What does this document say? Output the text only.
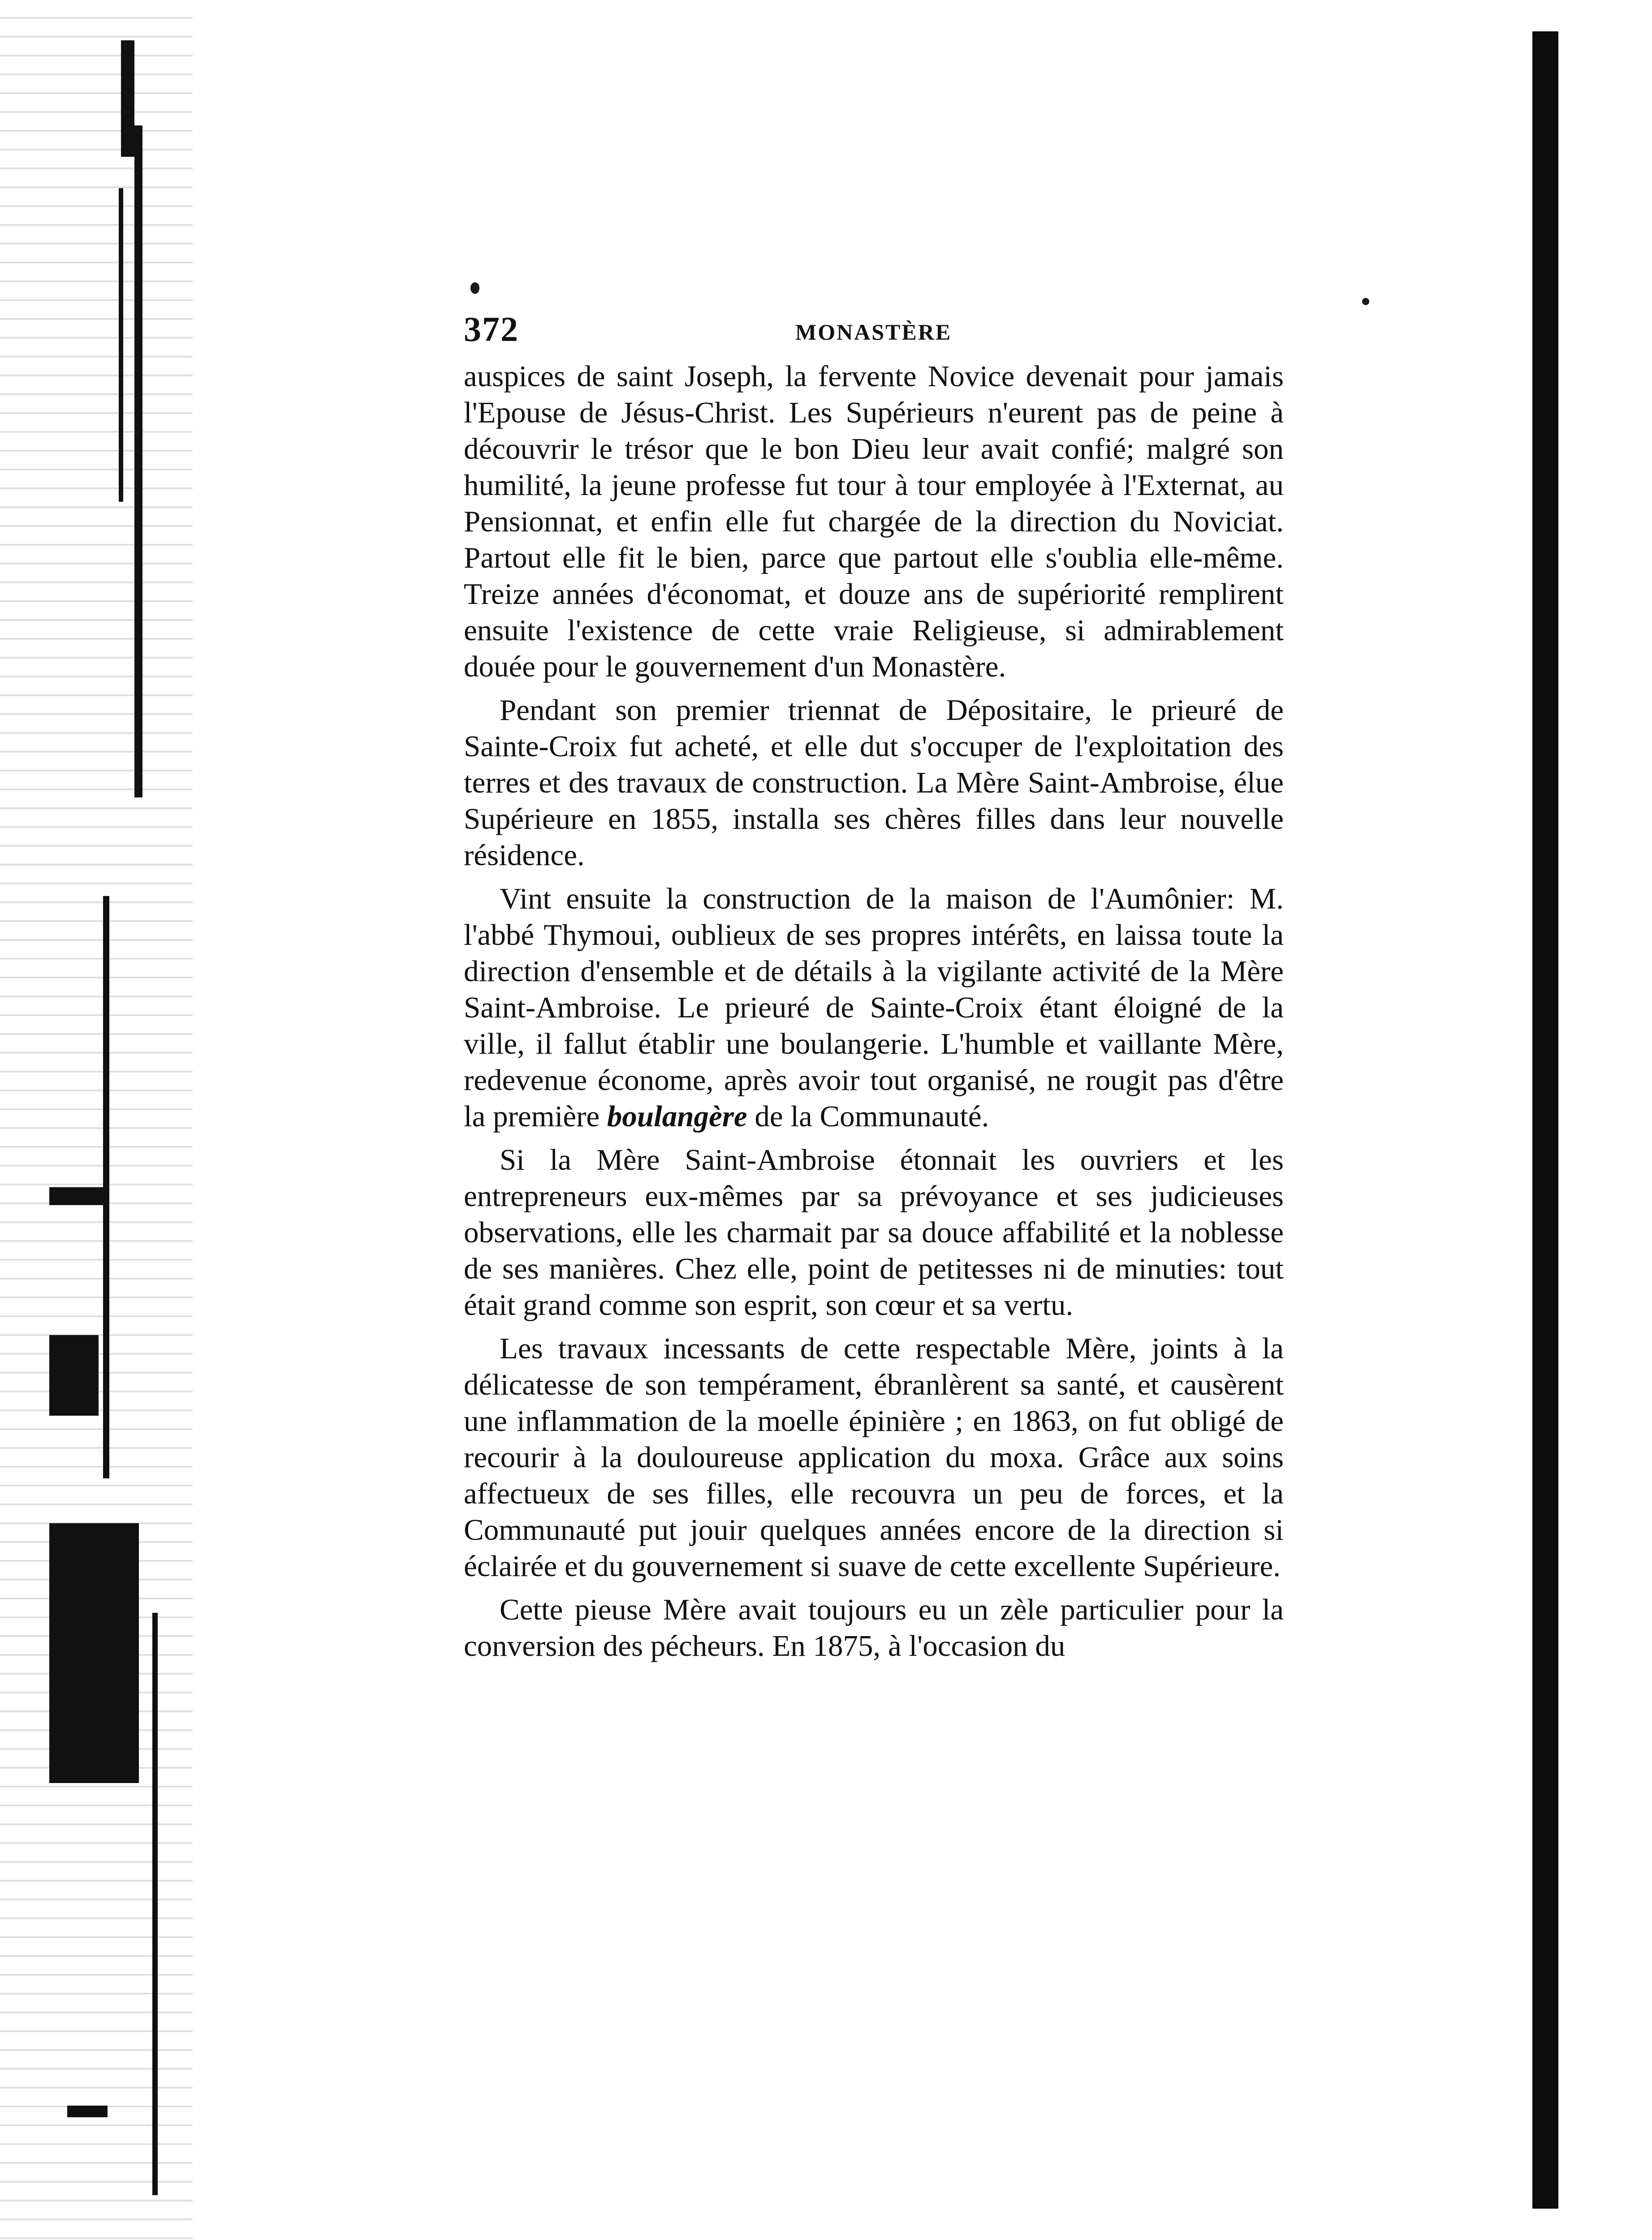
372	MONASTÈRE

auspices de saint Joseph, la fervente Novice devenait pour jamais l'Epouse de Jésus-Christ. Les Supérieurs n'eurent pas de peine à découvrir le trésor que le bon Dieu leur avait confié; malgré son humilité, la jeune professe fut tour à tour employée à l'Externat, au Pensionnat, et enfin elle fut chargée de la direction du Noviciat. Partout elle fit le bien, parce que partout elle s'oublia elle-même. Treize années d'économat, et douze ans de supériorité remplirent ensuite l'existence de cette vraie Religieuse, si admirablement douée pour le gouvernement d'un Monastère.

Pendant son premier triennat de Dépositaire, le prieuré de Sainte-Croix fut acheté, et elle dut s'occuper de l'exploitation des terres et des travaux de construction. La Mère Saint-Ambroise, élue Supérieure en 1855, installa ses chères filles dans leur nouvelle résidence.

Vint ensuite la construction de la maison de l'Aumônier: M. l'abbé Thymoui, oublieux de ses propres intérêts, en laissa toute la direction d'ensemble et de détails à la vigilante activité de la Mère Saint-Ambroise. Le prieuré de Sainte-Croix étant éloigné de la ville, il fallut établir une boulangerie. L'humble et vaillante Mère, redevenue économe, après avoir tout organisé, ne rougit pas d'être la première boulangère de la Communauté.

Si la Mère Saint-Ambroise étonnait les ouvriers et les entrepreneurs eux-mêmes par sa prévoyance et ses judicieuses observations, elle les charmait par sa douce affabilité et la noblesse de ses manières. Chez elle, point de petitesses ni de minuties: tout était grand comme son esprit, son cœur et sa vertu.

Les travaux incessants de cette respectable Mère, joints à la délicatesse de son tempérament, ébranlèrent sa santé, et causèrent une inflammation de la moelle épinière ; en 1863, on fut obligé de recourir à la douloureuse application du moxa. Grâce aux soins affectueux de ses filles, elle recouvra un peu de forces, et la Communauté put jouir quelques années encore de la direction si éclairée et du gouvernement si suave de cette excellente Supérieure.

Cette pieuse Mère avait toujours eu un zèle particulier pour la conversion des pécheurs. En 1875, à l'occasion du
